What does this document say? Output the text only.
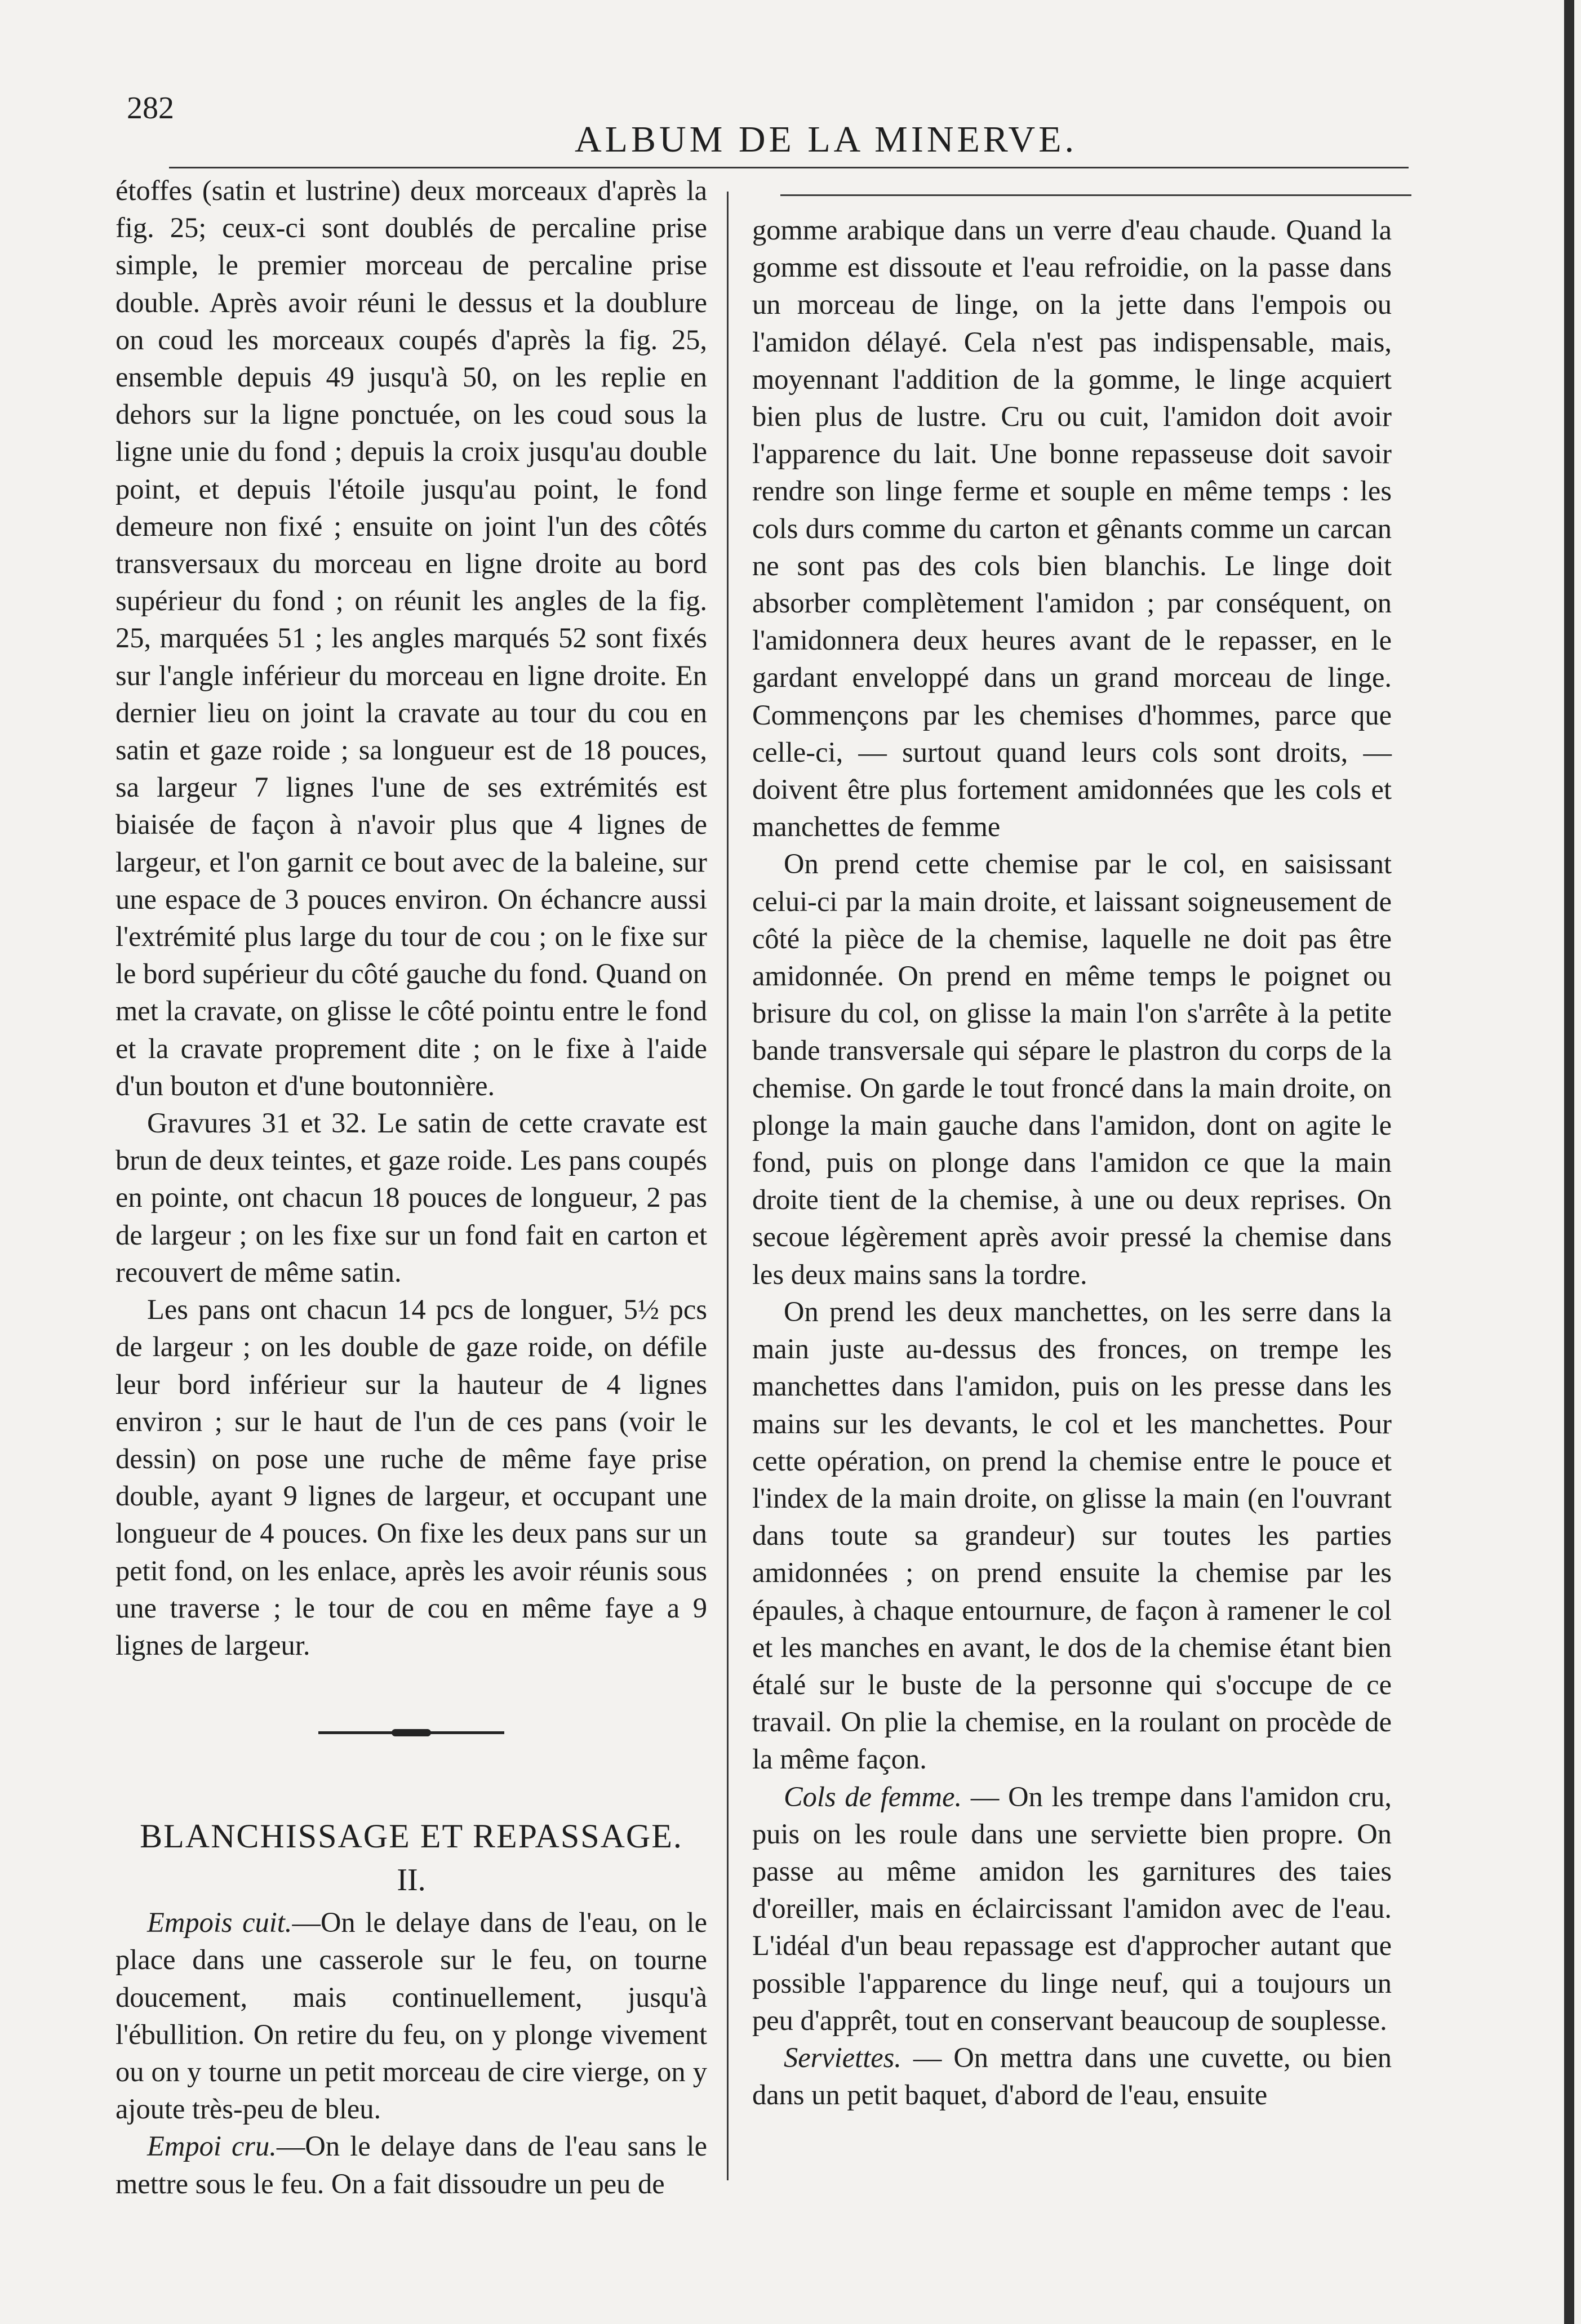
282
ALBUM DE LA MINERVE.

étoffes (satin et lustrine) deux morceaux d'après la fig. 25; ceux-ci sont doublés de percaline prise simple, le premier morceau de percaline prise double. Après avoir réuni le dessus et la doublure on coud les morceaux coupés d'après la fig. 25, ensemble depuis 49 jusqu'à 50, on les replie en dehors sur la ligne ponctuée, on les coud sous la ligne unie du fond ; depuis la croix jusqu'au double point, et depuis l'étoile jusqu'au point, le fond demeure non fixé ; ensuite on joint l'un des côtés transversaux du morceau en ligne droite au bord supérieur du fond ; on réunit les angles de la fig. 25, marquées 51 ; les angles marqués 52 sont fixés sur l'angle inférieur du morceau en ligne droite. En dernier lieu on joint la cravate au tour du cou en satin et gaze roide ; sa longueur est de 18 pouces, sa largeur 7 lignes l'une de ses extrémités est biaisée de façon à n'avoir plus que 4 lignes de largeur, et l'on garnit ce bout avec de la baleine, sur une espace de 3 pouces environ. On échancre aussi l'extrémité plus large du tour de cou ; on le fixe sur le bord supérieur du côté gauche du fond. Quand on met la cravate, on glisse le côté pointu entre le fond et la cravate proprement dite ; on le fixe à l'aide d'un bouton et d'une boutonnière.

Gravures 31 et 32. Le satin de cette cravate est brun de deux teintes, et gaze roide. Les pans coupés en pointe, ont chacun 18 pouces de longueur, 2 pas de largeur ; on les fixe sur un fond fait en carton et recouvert de même satin.

Les pans ont chacun 14 pcs de longuer, 5½ pcs de largeur ; on les double de gaze roide, on défile leur bord inférieur sur la hauteur de 4 lignes environ ; sur le haut de l'un de ces pans (voir le dessin) on pose une ruche de même faye prise double, ayant 9 lignes de largeur, et occupant une longueur de 4 pouces. On fixe les deux pans sur un petit fond, on les enlace, après les avoir réunis sous une traverse ; le tour de cou en même faye a 9 lignes de largeur.

BLANCHISSAGE ET REPASSAGE.
II.

Empois cuit.—On le delaye dans de l'eau, on le place dans une casserole sur le feu, on tourne doucement, mais continuellement, jusqu'à l'ébullition. On retire du feu, on y plonge vivement ou on y tourne un petit morceau de cire vierge, on y ajoute très-peu de bleu.

Empoi cru.—On le delaye dans de l'eau sans le mettre sous le feu. On a fait dissoudre un peu de

gomme arabique dans un verre d'eau chaude. Quand la gomme est dissoute et l'eau refroidie, on la passe dans un morceau de linge, on la jette dans l'empois ou l'amidon délayé. Cela n'est pas indispensable, mais, moyennant l'addition de la gomme, le linge acquiert bien plus de lustre. Cru ou cuit, l'amidon doit avoir l'apparence du lait. Une bonne repasseuse doit savoir rendre son linge ferme et souple en même temps : les cols durs comme du carton et gênants comme un carcan ne sont pas des cols bien blanchis. Le linge doit absorber complètement l'amidon ; par conséquent, on l'amidonnera deux heures avant de le repasser, en le gardant enveloppé dans un grand morceau de linge. Commençons par les chemises d'hommes, parce que celle-ci, — surtout quand leurs cols sont droits, — doivent être plus fortement amidonnées que les cols et manchettes de femme

On prend cette chemise par le col, en saisissant celui-ci par la main droite, et laissant soigneusement de côté la pièce de la chemise, laquelle ne doit pas être amidonnée. On prend en même temps le poignet ou brisure du col, on glisse la main l'on s'arrête à la petite bande transversale qui sépare le plastron du corps de la chemise. On garde le tout froncé dans la main droite, on plonge la main gauche dans l'amidon, dont on agite le fond, puis on plonge dans l'amidon ce que la main droite tient de la chemise, à une ou deux reprises. On secoue légèrement après avoir pressé la chemise dans les deux mains sans la tordre.

On prend les deux manchettes, on les serre dans la main juste au-dessus des fronces, on trempe les manchettes dans l'amidon, puis on les presse dans les mains sur les devants, le col et les manchettes. Pour cette opération, on prend la chemise entre le pouce et l'index de la main droite, on glisse la main (en l'ouvrant dans toute sa grandeur) sur toutes les parties amidonnées ; on prend ensuite la chemise par les épaules, à chaque entournure, de façon à ramener le col et les manches en avant, le dos de la chemise étant bien étalé sur le buste de la personne qui s'occupe de ce travail. On plie la chemise, en la roulant on procède de la même façon.

Cols de femme. — On les trempe dans l'amidon cru, puis on les roule dans une serviette bien propre. On passe au même amidon les garnitures des taies d'oreiller, mais en éclaircissant l'amidon avec de l'eau. L'idéal d'un beau repassage est d'approcher autant que possible l'apparence du linge neuf, qui a toujours un peu d'apprêt, tout en conservant beaucoup de souplesse.

Serviettes. — On mettra dans une cuvette, ou bien dans un petit baquet, d'abord de l'eau, ensuite
